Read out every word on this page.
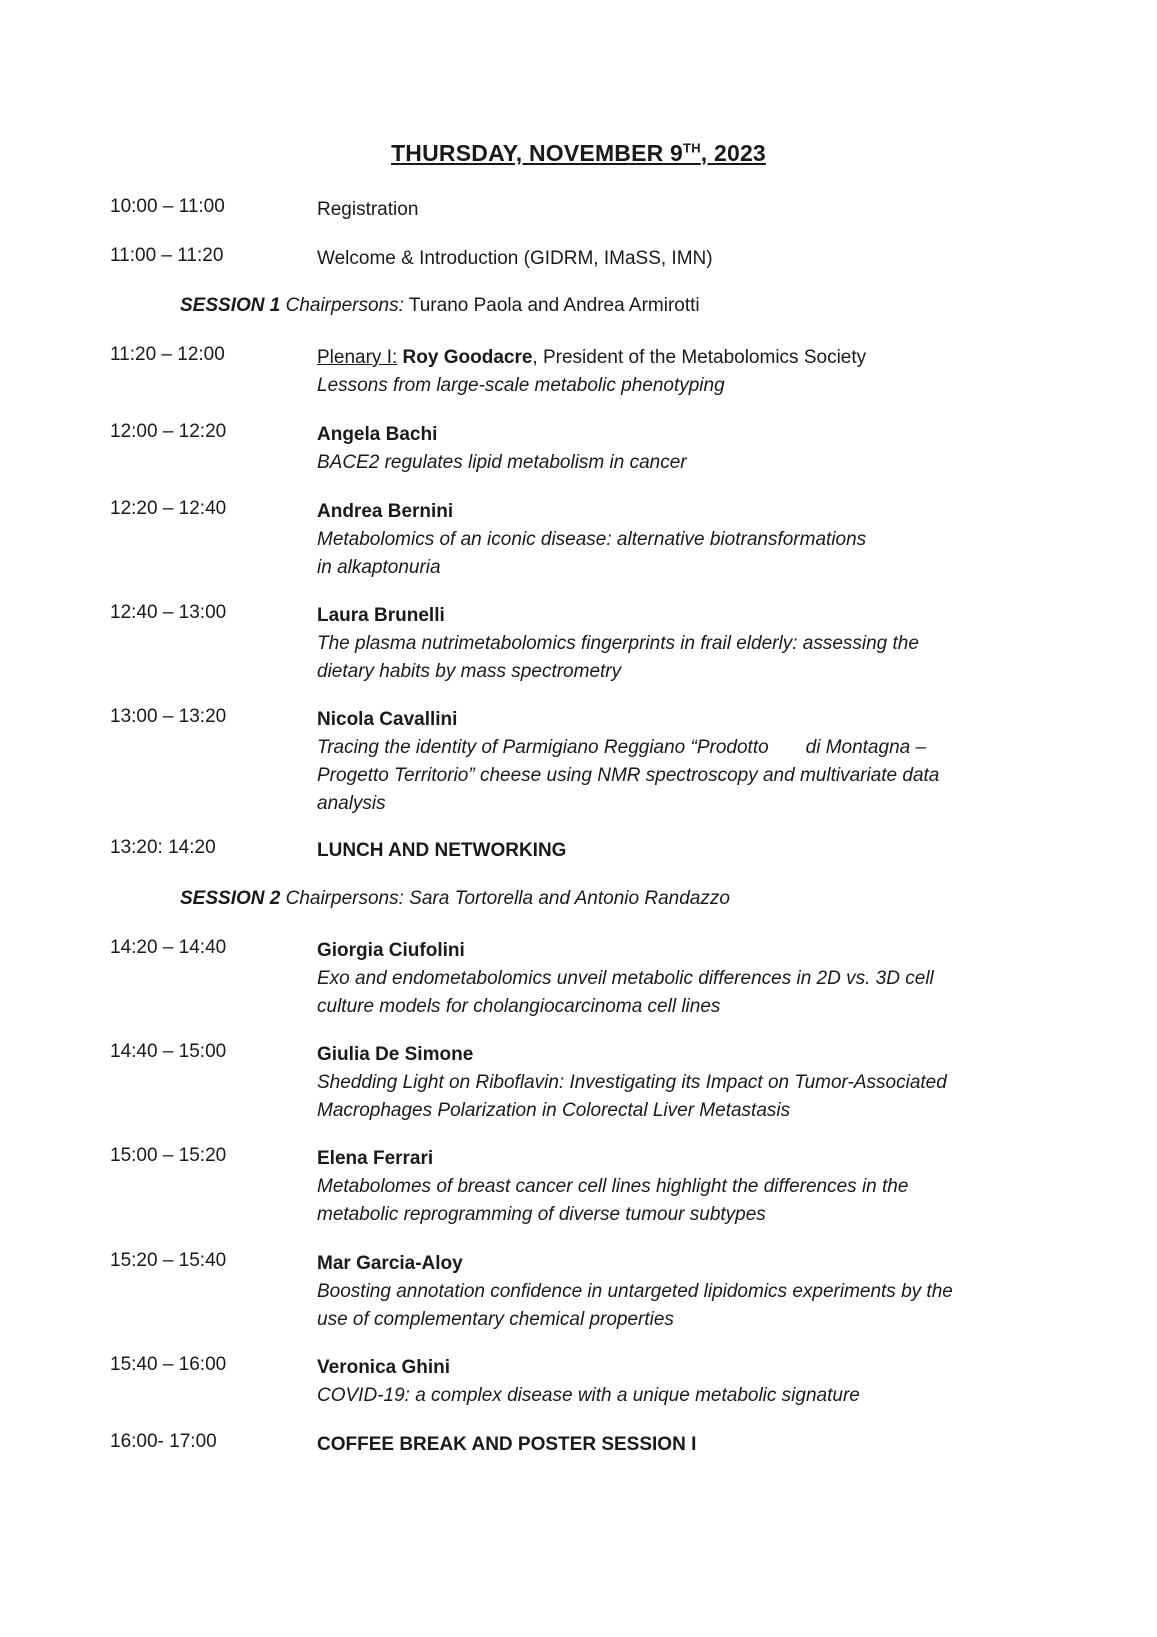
THURSDAY, NOVEMBER 9TH, 2023
10:00 – 11:00	Registration
11:00 – 11:20	Welcome & Introduction (GIDRM, IMaSS, IMN)
SESSION 1 Chairpersons: Turano Paola and Andrea Armirotti
11:20 – 12:00	Plenary I: Roy Goodacre, President of the Metabolomics Society
Lessons from large-scale metabolic phenotyping
12:00 – 12:20	Angela Bachi
BACE2 regulates lipid metabolism in cancer
12:20 – 12:40	Andrea Bernini
Metabolomics of an iconic disease: alternative biotransformations
in alkaptonuria
12:40 – 13:00	Laura Brunelli
The plasma nutrimetabolomics fingerprints in frail elderly: assessing the
dietary habits by mass spectrometry
13:00 – 13:20	Nicola Cavallini
Tracing the identity of Parmigiano Reggiano “Prodotto       di Montagna –
Progetto Territorio” cheese using NMR spectroscopy and multivariate data
analysis
13:20: 14:20	LUNCH AND NETWORKING
SESSION 2 Chairpersons: Sara Tortorella and Antonio Randazzo
14:20 – 14:40	Giorgia Ciufolini
Exo and endometabolomics unveil metabolic differences in 2D vs. 3D cell
culture models for cholangiocarcinoma cell lines
14:40 – 15:00	Giulia De Simone
Shedding Light on Riboflavin: Investigating its Impact on Tumor-Associated
Macrophages Polarization in Colorectal Liver Metastasis
15:00 – 15:20	Elena Ferrari
Metabolomes of breast cancer cell lines highlight the differences in the
metabolic reprogramming of diverse tumour subtypes
15:20 – 15:40	Mar Garcia-Aloy
Boosting annotation confidence in untargeted lipidomics experiments by the
use of complementary chemical properties
15:40 – 16:00	Veronica Ghini
COVID-19: a complex disease with a unique metabolic signature
16:00- 17:00	COFFEE BREAK AND POSTER SESSION I
